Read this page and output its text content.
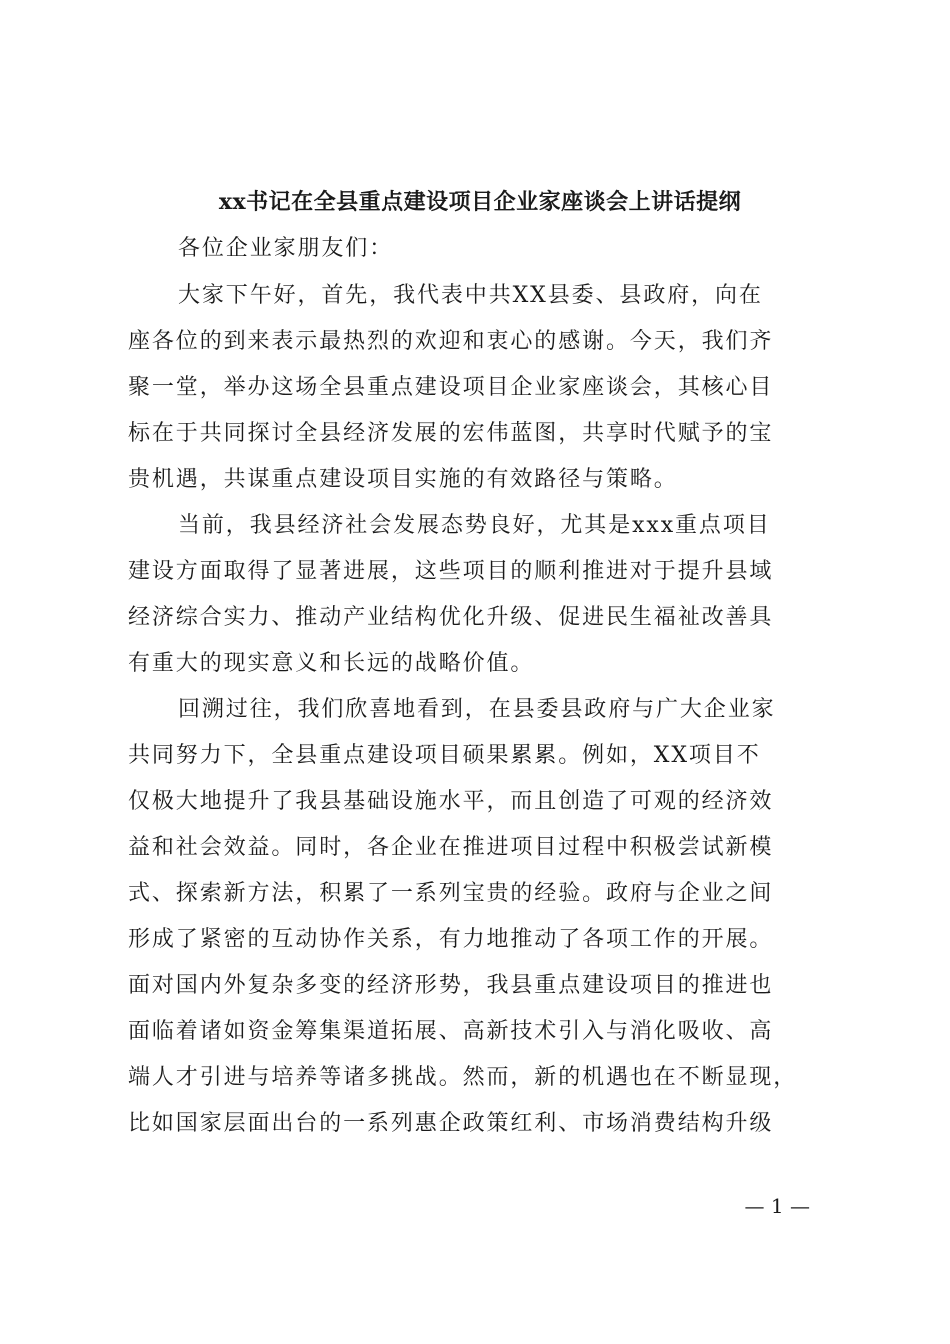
xx书记在全县重点建设项目企业家座谈会上讲话提纲
各位企业家朋友们：
大家下午好，首先，我代表中共XX县委、县政府，向在
座各位的到来表示最热烈的欢迎和衷心的感谢。今天，我们齐
聚一堂，举办这场全县重点建设项目企业家座谈会，其核心目
标在于共同探讨全县经济发展的宏伟蓝图，共享时代赋予的宝
贵机遇，共谋重点建设项目实施的有效路径与策略。
当前，我县经济社会发展态势良好，尤其是xxx重点项目
建设方面取得了显著进展，这些项目的顺利推进对于提升县域
经济综合实力、推动产业结构优化升级、促进民生福祉改善具
有重大的现实意义和长远的战略价值。
回溯过往，我们欣喜地看到，在县委县政府与广大企业家
共同努力下，全县重点建设项目硕果累累。例如，XX项目不
仅极大地提升了我县基础设施水平，而且创造了可观的经济效
益和社会效益。同时，各企业在推进项目过程中积极尝试新模
式、探索新方法，积累了一系列宝贵的经验。政府与企业之间
形成了紧密的互动协作关系，有力地推动了各项工作的开展。
面对国内外复杂多变的经济形势，我县重点建设项目的推进也
面临着诸如资金筹集渠道拓展、高新技术引入与消化吸收、高
端人才引进与培养等诸多挑战。然而，新的机遇也在不断显现，
比如国家层面出台的一系列惠企政策红利、市场消费结构升级
— 1 —
